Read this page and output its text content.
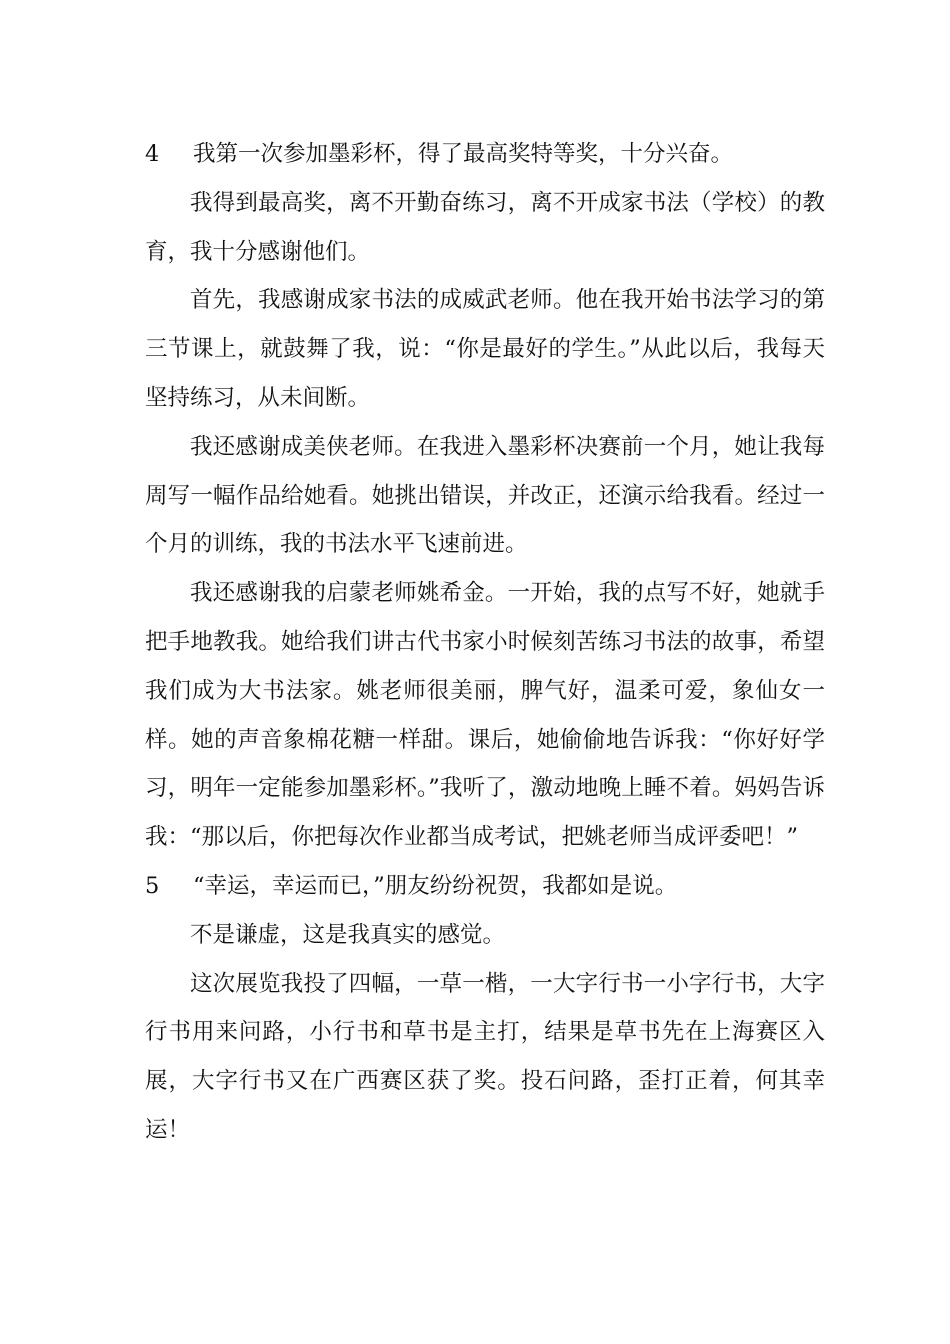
4 我第一次参加墨彩杯，得了最高奖特等奖，十分兴奋。

我得到最高奖，离不开勤奋练习，离不开成家书法（学校）的教育，我十分感谢他们。

首先，我感谢成家书法的成威武老师。他在我开始书法学习的第三节课上，就鼓舞了我，说：“你是最好的学生。”从此以后，我每天坚持练习，从未间断。

我还感谢成美侠老师。在我进入墨彩杯决赛前一个月，她让我每周写一幅作品给她看。她挑出错误，并改正，还演示给我看。经过一个月的训练，我的书法水平飞速前进。

我还感谢我的启蒙老师姚希金。一开始，我的点写不好，她就手把手地教我。她给我们讲古代书家小时候刻苦练习书法的故事，希望我们成为大书法家。姚老师很美丽，脾气好，温柔可爱，象仙女一样。她的声音象棉花糖一样甜。课后，她偷偷地告诉我：“你好好学习，明年一定能参加墨彩杯。”我听了，激动地晚上睡不着。妈妈告诉我：“那以后，你把每次作业都当成考试，把姚老师当成评委吧！”

5 “幸运，幸运而已，”朋友纷纷祝贺，我都如是说。

不是谦虚，这是我真实的感觉。

这次展览我投了四幅，一草一楷，一大字行书一小字行书，大字行书用来问路，小行书和草书是主打，结果是草书先在上海赛区入展，大字行书又在广西赛区获了奖。投石问路，歪打正着，何其幸运！
